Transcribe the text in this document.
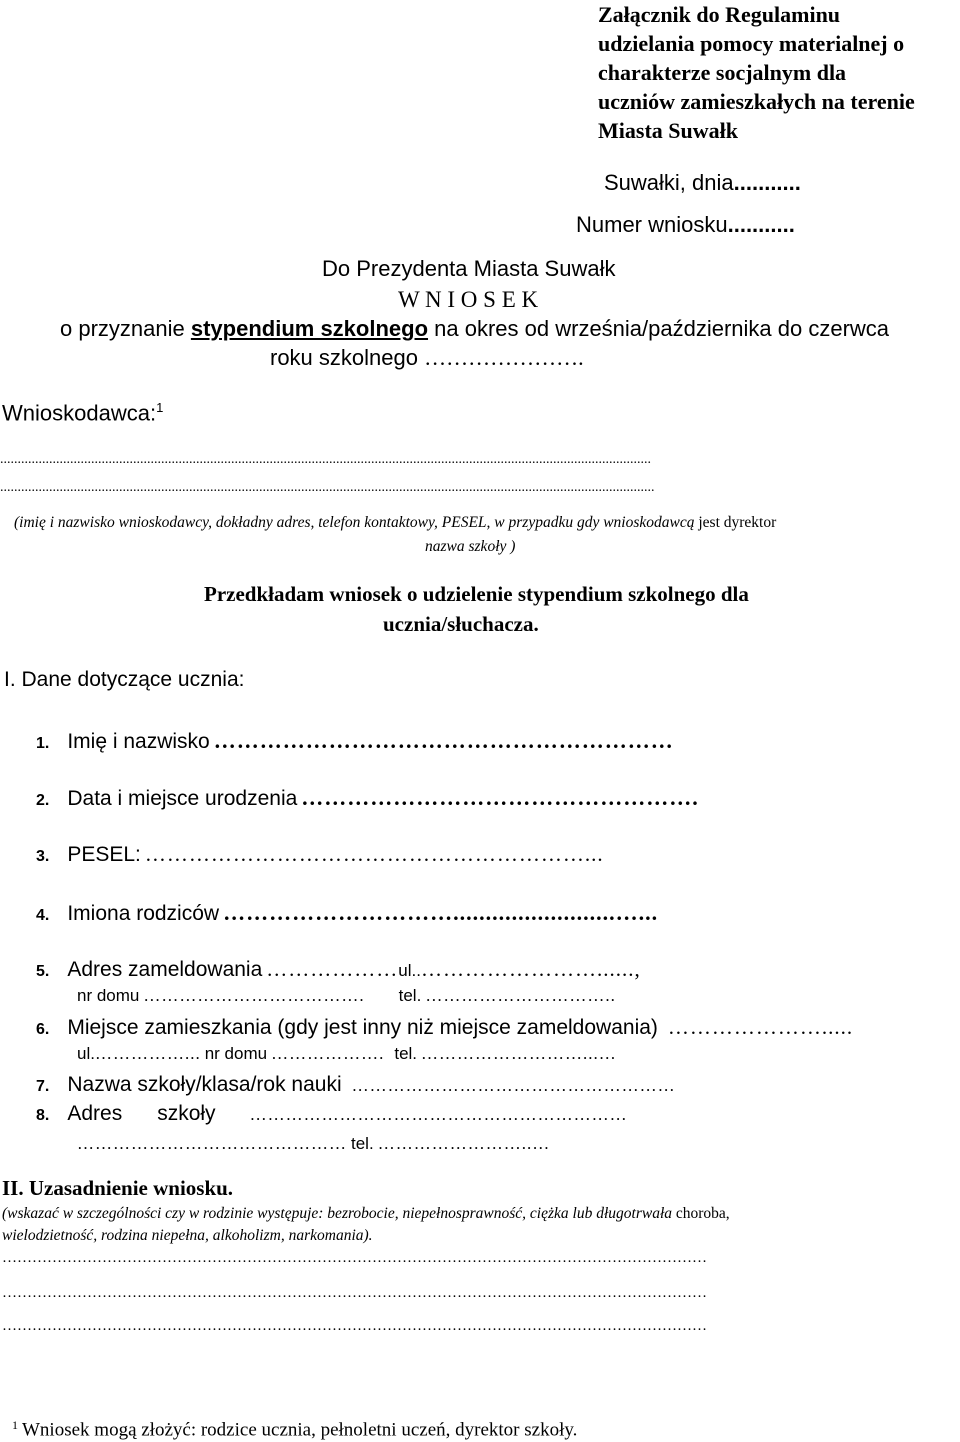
Załącznik do Regulaminu
udzielania pomocy materialnej o
charakterze socjalnym dla
uczniów zamieszkałych na terenie
Miasta Suwałk
Suwałki, dnia...........
Numer wniosku...........
Do Prezydenta Miasta Suwałk
W N I O S E K
o przyznanie stypendium szkolnego na okres od września/października do czerwca
roku szkolnego ………………….
Wnioskodawca:$^1$
..........................................................................................................................................................................................
...........................................................................................................................................................................................
(imię i nazwisko wnioskodawcy, dokładny adres, telefon kontaktowy, PESEL, w przypadku gdy wnioskodawcą jest dyrektor
nazwa szkoły )
Przedkładam wniosek o udzielenie stypendium szkolnego dla
ucznia/słuchacza.
I. Dane dotyczące ucznia:
1. Imię i nazwisko ……………………………………………………
2. Data i miejsce urodzenia …………………………………………….
3. PESEL: ……………………………………………………...
4. Imiona rodziców ………………………….........................…...
5. Adres zameldowania ………………ul..……………………......,
nr domu ………………………………. tel. …………………………..
6. Miejsce zamieszkania (gdy jest inny niż miejsce zameldowania) ………………….....
ul.……………... nr domu ………………. tel. ………………………...…
7. Nazwa szkoły/klasa/rok nauki ………………………………………………
8. Adres      szkoły ………………………………………………………
……………………………………… tel. ……………………..…
II. Uzasadnienie wniosku.
(wskazać w szczególności czy w rodzinie występuje: bezrobocie, niepełnosprawność, ciężka lub długotrwała choroba,
wielodzietność, rodzina niepełna, alkoholizm, narkomania).
……………………………………………………………………………………………………………………………
……………………………………………………………………………………………………………………………
……………………………………………………………………………………………………………………………
$^1$ Wniosek mogą złożyć: rodzice ucznia, pełnoletni uczeń, dyrektor szkoły.
